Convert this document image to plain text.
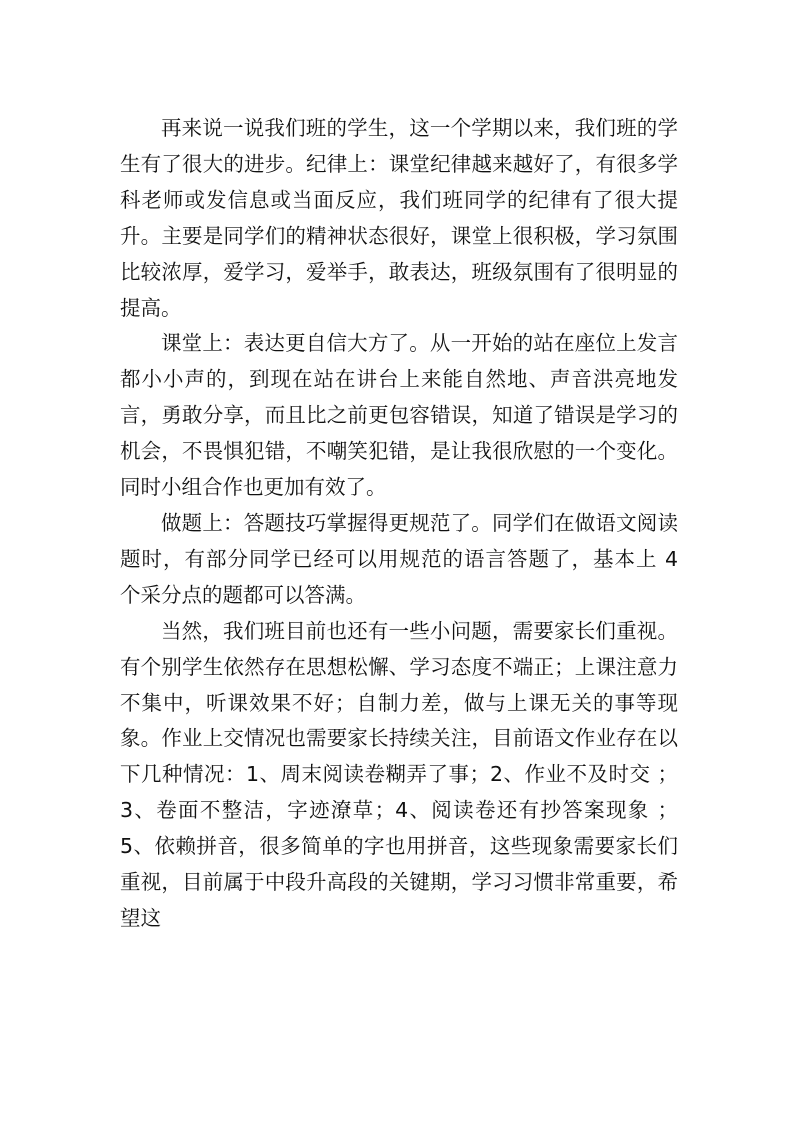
再来说一说我们班的学生，这一个学期以来，我们班的学生有了很大的进步。纪律上：课堂纪律越来越好了，有很多学科老师或发信息或当面反应，我们班同学的纪律有了很大提升。主要是同学们的精神状态很好，课堂上很积极，学习氛围比较浓厚，爱学习，爱举手，敢表达，班级氛围有了很明显的提高。

课堂上：表达更自信大方了。从一开始的站在座位上发言都小小声的，到现在站在讲台上来能自然地、声音洪亮地发言，勇敢分享，而且比之前更包容错误，知道了错误是学习的机会，不畏惧犯错，不嘲笑犯错，是让我很欣慰的一个变化。同时小组合作也更加有效了。

做题上：答题技巧掌握得更规范了。同学们在做语文阅读题时，有部分同学已经可以用规范的语言答题了，基本上 4 个采分点的题都可以答满。

当然，我们班目前也还有一些小问题，需要家长们重视。有个别学生依然存在思想松懈、学习态度不端正；上课注意力不集中，听课效果不好；自制力差，做与上课无关的事等现象。作业上交情况也需要家长持续关注，目前语文作业存在以下几种情况：1、周末阅读卷糊弄了事；2、作业不及时交 ；3、卷面不整洁，字迹潦草；4、阅读卷还有抄答案现象 ；5、依赖拼音，很多简单的字也用拼音，这些现象需要家长们重视，目前属于中段升高段的关键期，学习习惯非常重要，希望这
